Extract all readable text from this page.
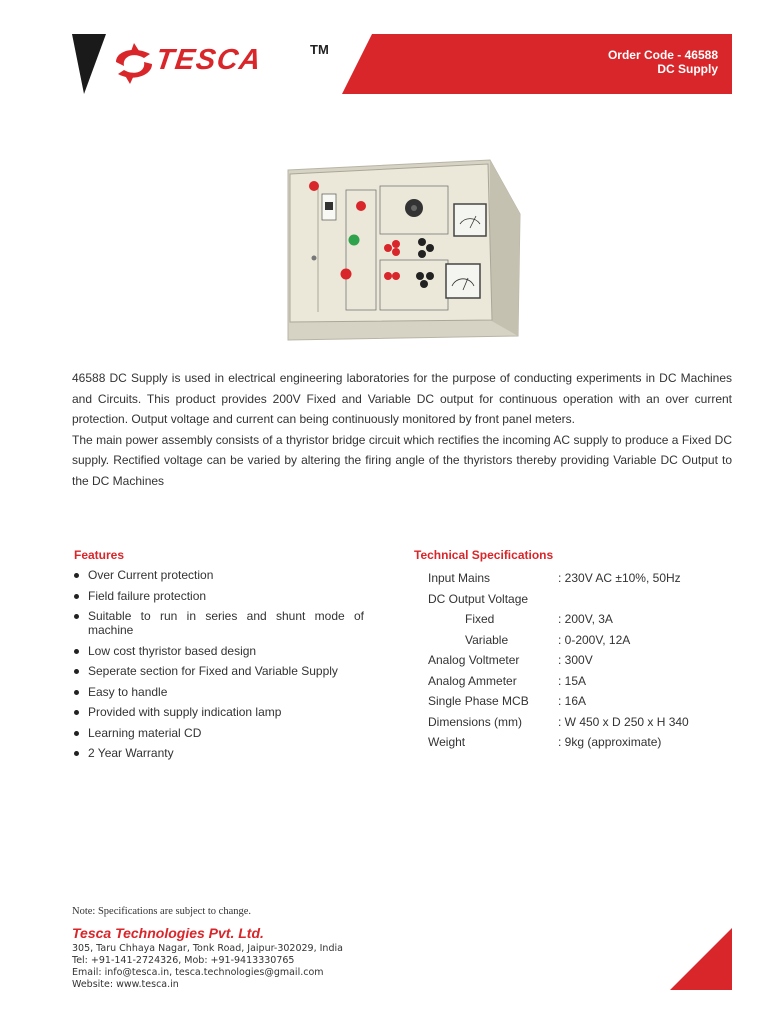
TESCA	TM	Order Code - 46588
DC Supply

46588 DC Supply is used in electrical engineering laboratories for the purpose of conducting experiments in DC Machines and Circuits. This product provides 200V Fixed and Variable DC output for continuous operation with an over current protection. Output voltage and current can being continuously monitored by front panel meters.

The main power assembly consists of a thyristor bridge circuit which rectifies the incoming AC supply to produce a Fixed DC supply. Rectified voltage can be varied by altering the firing angle of the thyristors thereby providing Variable DC Output to the DC Machines

Features
Over Current protection
Field failure protection
Suitable to run in series and shunt mode of machine
Low cost thyristor based design
Seperate section for Fixed and Variable Supply
Easy to handle
Provided with supply indication lamp
Learning material CD
2 Year Warranty
Technical Specifications
Input Mains	: 230V AC ±10%, 50Hz
DC Output Voltage
Fixed	: 200V, 3A
Variable	: 0-200V, 12A
Analog Voltmeter	: 300V
Analog Ammeter	: 15A
Single Phase MCB : 16A
Dimensions (mm)	: W 450 x D 250 x H 340
Weight	: 9kg (approximate)
Note: Specifications are subject to change.
Tesca Technologies Pvt. Ltd.
305, Taru Chhaya Nagar, Tonk Road, Jaipur-302029, India
Tel: +91-141-2724326, Mob: +91-9413330765
Email: info@tesca.in, tesca.technologies@gmail.com
Website: www.tesca.in
